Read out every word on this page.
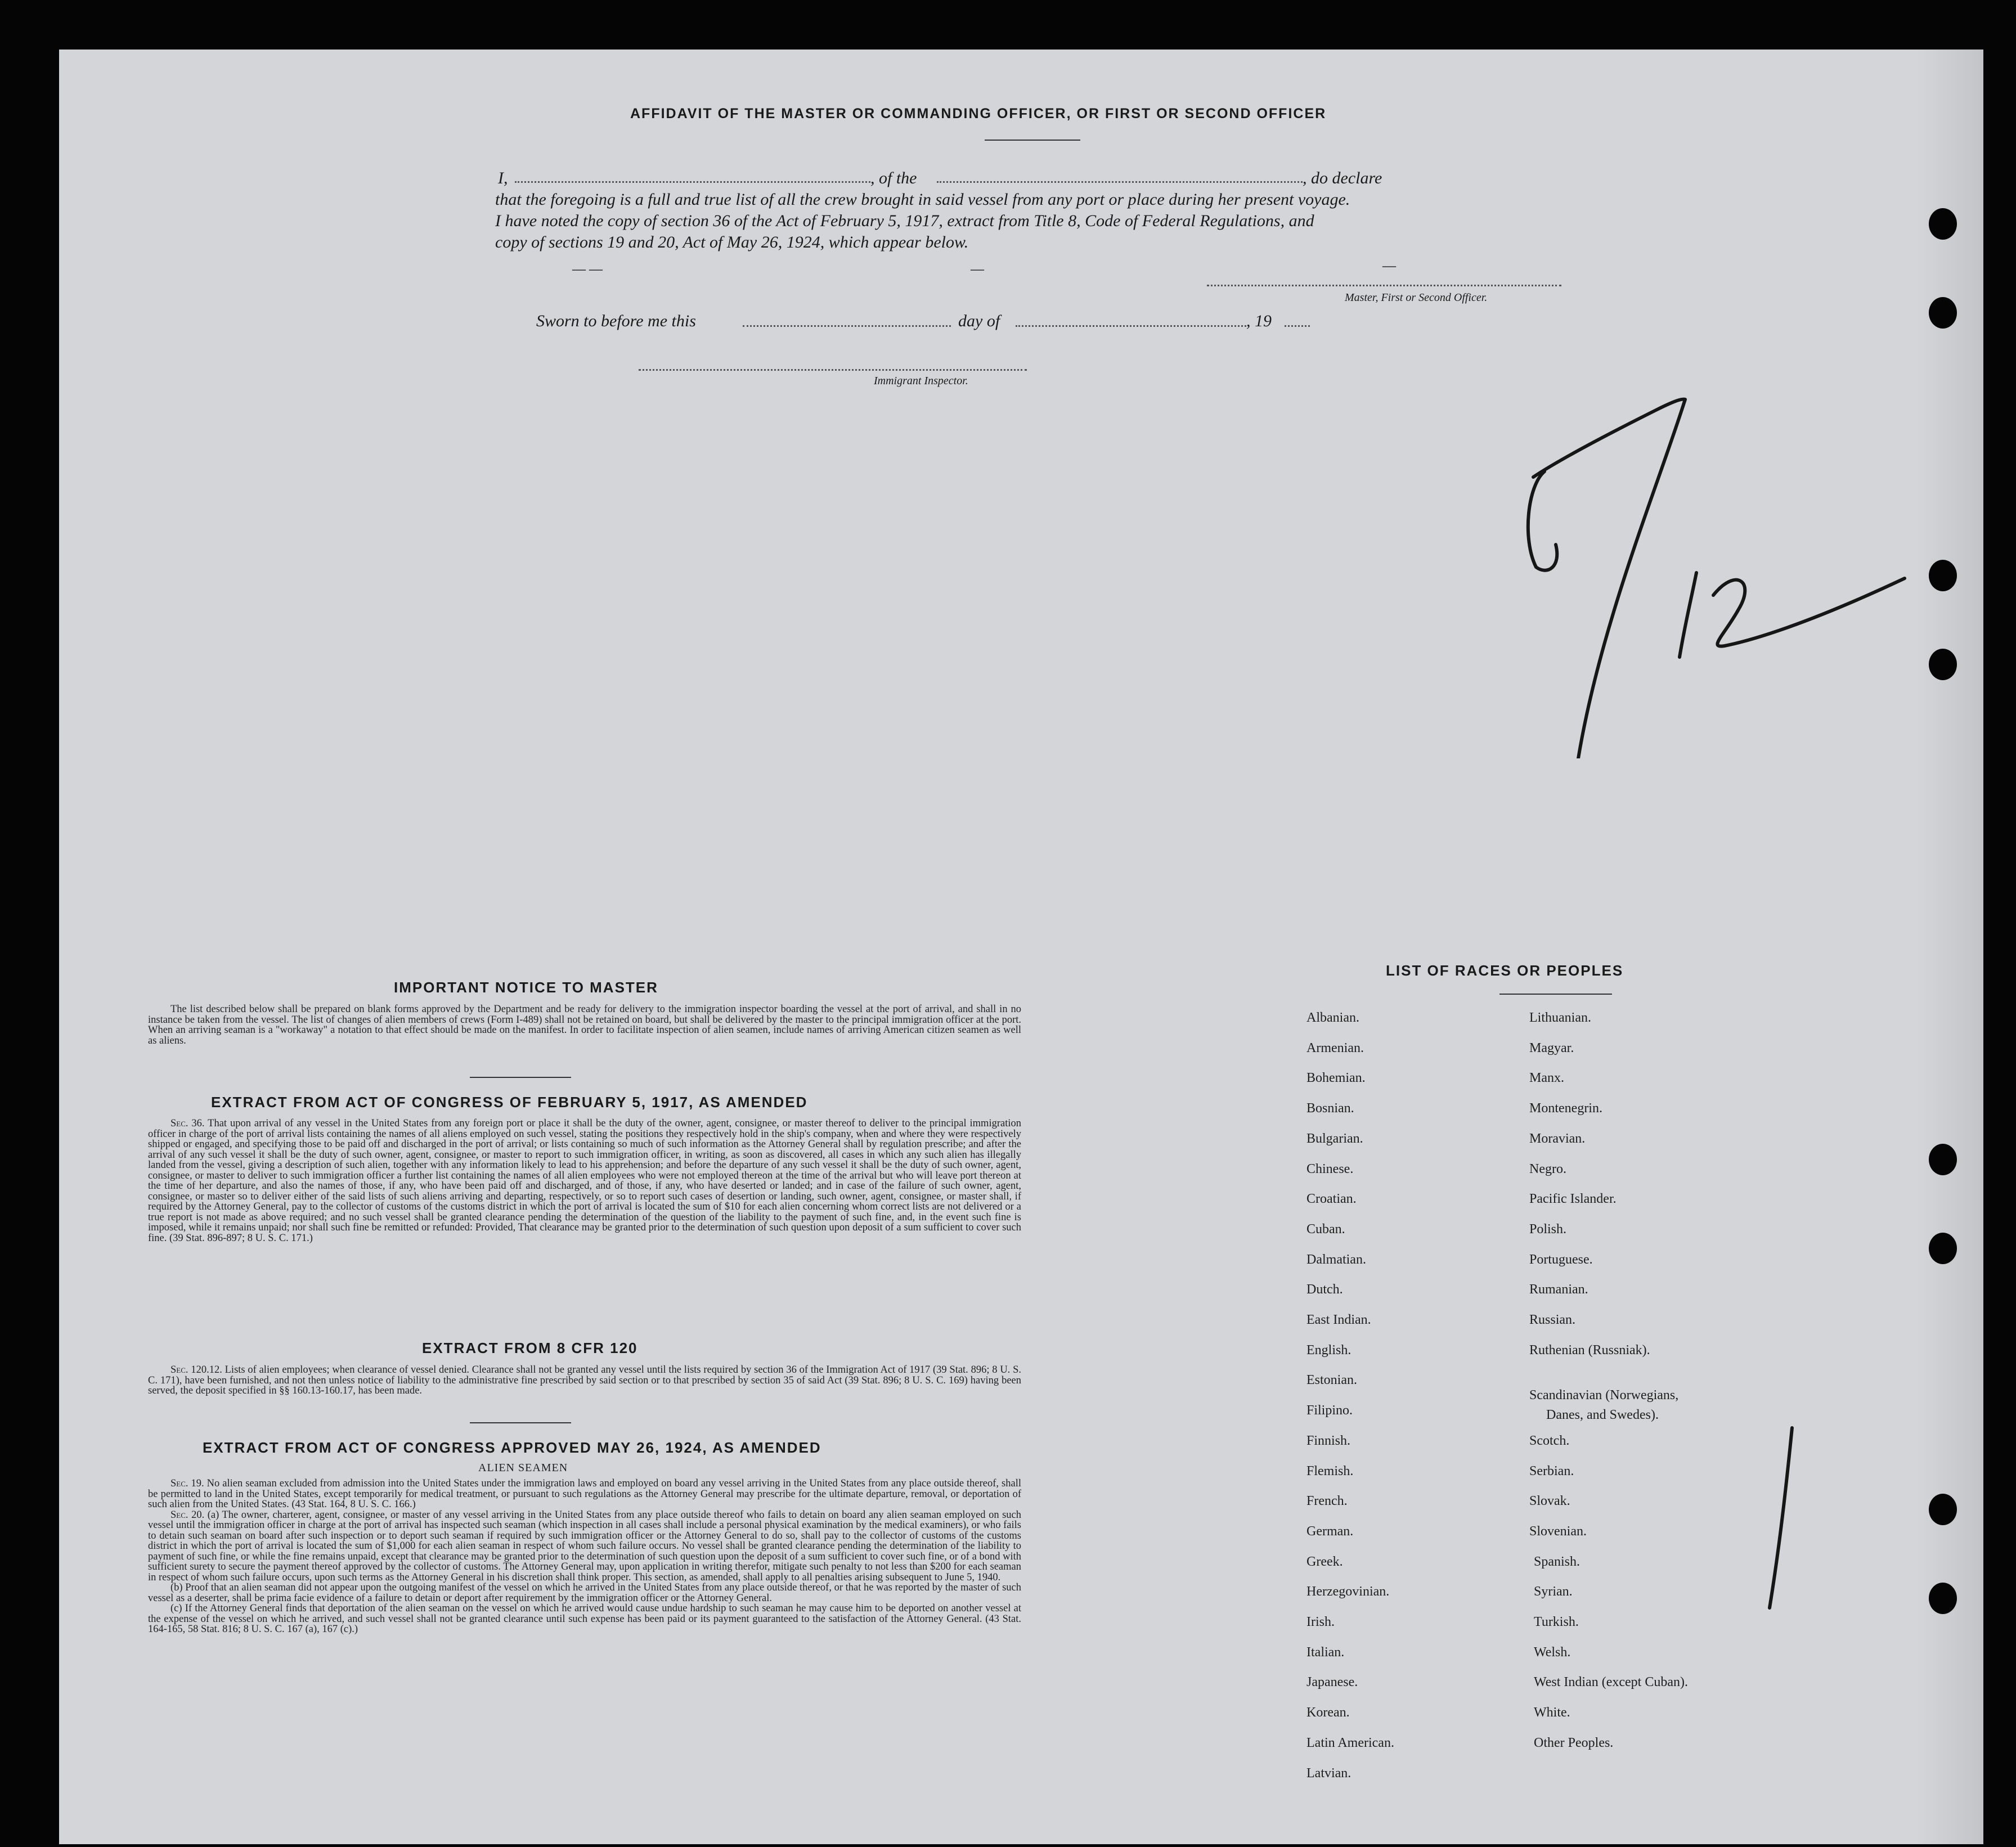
AFFIDAVIT OF THE MASTER OR COMMANDING OFFICER, OR FIRST OR SECOND OFFICER
I,	, of the	, do declare
that the foregoing is a full and true list of all the crew brought in said vessel from any port or place during her present voyage.
I have noted the copy of section 36 of the Act of February 5, 1917, extract from Title 8, Code of Federal Regulations, and
copy of sections 19 and 20, Act of May 26, 1924, which appear below.
— —	—	—
Master, First or Second Officer.
Sworn to before me this	day of	, 19
Immigrant Inspector.
IMPORTANT NOTICE TO MASTER

The list described below shall be prepared on blank forms approved by the Department and be ready for delivery to the immigration inspector boarding the vessel at the port of arrival, and shall in no instance be taken from the vessel. The list of changes of alien members of crews (Form I-489) shall not be retained on board, but shall be delivered by the master to the principal immigration officer at the port. When an arriving seaman is a "workaway" a notation to that effect should be made on the manifest. In order to facilitate inspection of alien seamen, include names of arriving American citizen seamen as well as aliens.

EXTRACT FROM ACT OF CONGRESS OF FEBRUARY 5, 1917, AS AMENDED

Sec. 36. That upon arrival of any vessel in the United States from any foreign port or place it shall be the duty of the owner, agent, consignee, or master thereof to deliver to the principal immigration officer in charge of the port of arrival lists containing the names of all aliens employed on such vessel, stating the positions they respectively hold in the ship's company, when and where they were respectively shipped or engaged, and specifying those to be paid off and discharged in the port of arrival; or lists containing so much of such information as the Attorney General shall by regulation prescribe; and after the arrival of any such vessel it shall be the duty of such owner, agent, consignee, or master to report to such immigration officer, in writing, as soon as discovered, all cases in which any such alien has illegally landed from the vessel, giving a description of such alien, together with any information likely to lead to his apprehension; and before the departure of any such vessel it shall be the duty of such owner, agent, consignee, or master to deliver to such immigration officer a further list containing the names of all alien employees who were not employed thereon at the time of the arrival but who will leave port thereon at the time of her departure, and also the names of those, if any, who have been paid off and discharged, and of those, if any, who have deserted or landed; and in case of the failure of such owner, agent, consignee, or master so to deliver either of the said lists of such aliens arriving and departing, respectively, or so to report such cases of desertion or landing, such owner, agent, consignee, or master shall, if required by the Attorney General, pay to the collector of customs of the customs district in which the port of arrival is located the sum of $10 for each alien concerning whom correct lists are not delivered or a true report is not made as above required; and no such vessel shall be granted clearance pending the determination of the question of the liability to the payment of such fine, and, in the event such fine is imposed, while it remains unpaid; nor shall such fine be remitted or refunded: Provided, That clearance may be granted prior to the determination of such question upon deposit of a sum sufficient to cover such fine. (39 Stat. 896-897; 8 U. S. C. 171.)

EXTRACT FROM 8 CFR 120

Sec. 120.12. Lists of alien employees; when clearance of vessel denied. Clearance shall not be granted any vessel until the lists required by section 36 of the Immigration Act of 1917 (39 Stat. 896; 8 U. S. C. 171), have been furnished, and not then unless notice of liability to the administrative fine prescribed by said section or to that prescribed by section 35 of said Act (39 Stat. 896; 8 U. S. C. 169) having been served, the deposit specified in §§ 160.13-160.17, has been made.

EXTRACT FROM ACT OF CONGRESS APPROVED MAY 26, 1924, AS AMENDED
ALIEN SEAMEN

Sec. 19. No alien seaman excluded from admission into the United States under the immigration laws and employed on board any vessel arriving in the United States from any place outside thereof, shall be permitted to land in the United States, except temporarily for medical treatment, or pursuant to such regulations as the Attorney General may prescribe for the ultimate departure, removal, or deportation of such alien from the United States. (43 Stat. 164, 8 U. S. C. 166.)

Sec. 20. (a) The owner, charterer, agent, consignee, or master of any vessel arriving in the United States from any place outside thereof who fails to detain on board any alien seaman employed on such vessel until the immigration officer in charge at the port of arrival has inspected such seaman (which inspection in all cases shall include a personal physical examination by the medical examiners), or who fails to detain such seaman on board after such inspection or to deport such seaman if required by such immigration officer or the Attorney General to do so, shall pay to the collector of customs of the customs district in which the port of arrival is located the sum of $1,000 for each alien seaman in respect of whom such failure occurs. No vessel shall be granted clearance pending the determination of the liability to payment of such fine, or while the fine remains unpaid, except that clearance may be granted prior to the determination of such question upon the deposit of a sum sufficient to cover such fine, or of a bond with sufficient surety to secure the payment thereof approved by the collector of customs. The Attorney General may, upon application in writing therefor, mitigate such penalty to not less than $200 for each seaman in respect of whom such failure occurs, upon such terms as the Attorney General in his discretion shall think proper. This section, as amended, shall apply to all penalties arising subsequent to June 5, 1940.

(b) Proof that an alien seaman did not appear upon the outgoing manifest of the vessel on which he arrived in the United States from any place outside thereof, or that he was reported by the master of such vessel as a deserter, shall be prima facie evidence of a failure to detain or deport after requirement by the immigration officer or the Attorney General.

(c) If the Attorney General finds that deportation of the alien seaman on the vessel on which he arrived would cause undue hardship to such seaman he may cause him to be deported on another vessel at the expense of the vessel on which he arrived, and such vessel shall not be granted clearance until such expense has been paid or its payment guaranteed to the satisfaction of the Attorney General. (43 Stat. 164-165, 58 Stat. 816; 8 U. S. C. 167 (a), 167 (c).)

LIST OF RACES OR PEOPLES
Albanian.
Armenian.
Bohemian.
Bosnian.
Bulgarian.
Chinese.
Croatian.
Cuban.
Dalmatian.
Dutch.
East Indian.
English.
Estonian.
Filipino.
Finnish.
Flemish.
French.
German.
Greek.
Herzegovinian.
Irish.
Italian.
Japanese.
Korean.
Latin American.
Latvian.
Lithuanian.
Magyar.
Manx.
Montenegrin.
Moravian.
Negro.
Pacific Islander.
Polish.
Portuguese.
Rumanian.
Russian.
Ruthenian (Russniak).
Scandinavian (Norwegians,
Danes, and Swedes).
Scotch.
Serbian.
Slovak.
Slovenian.
Spanish.
Syrian.
Turkish.
Welsh.
West Indian (except Cuban).
White.
Other Peoples.
